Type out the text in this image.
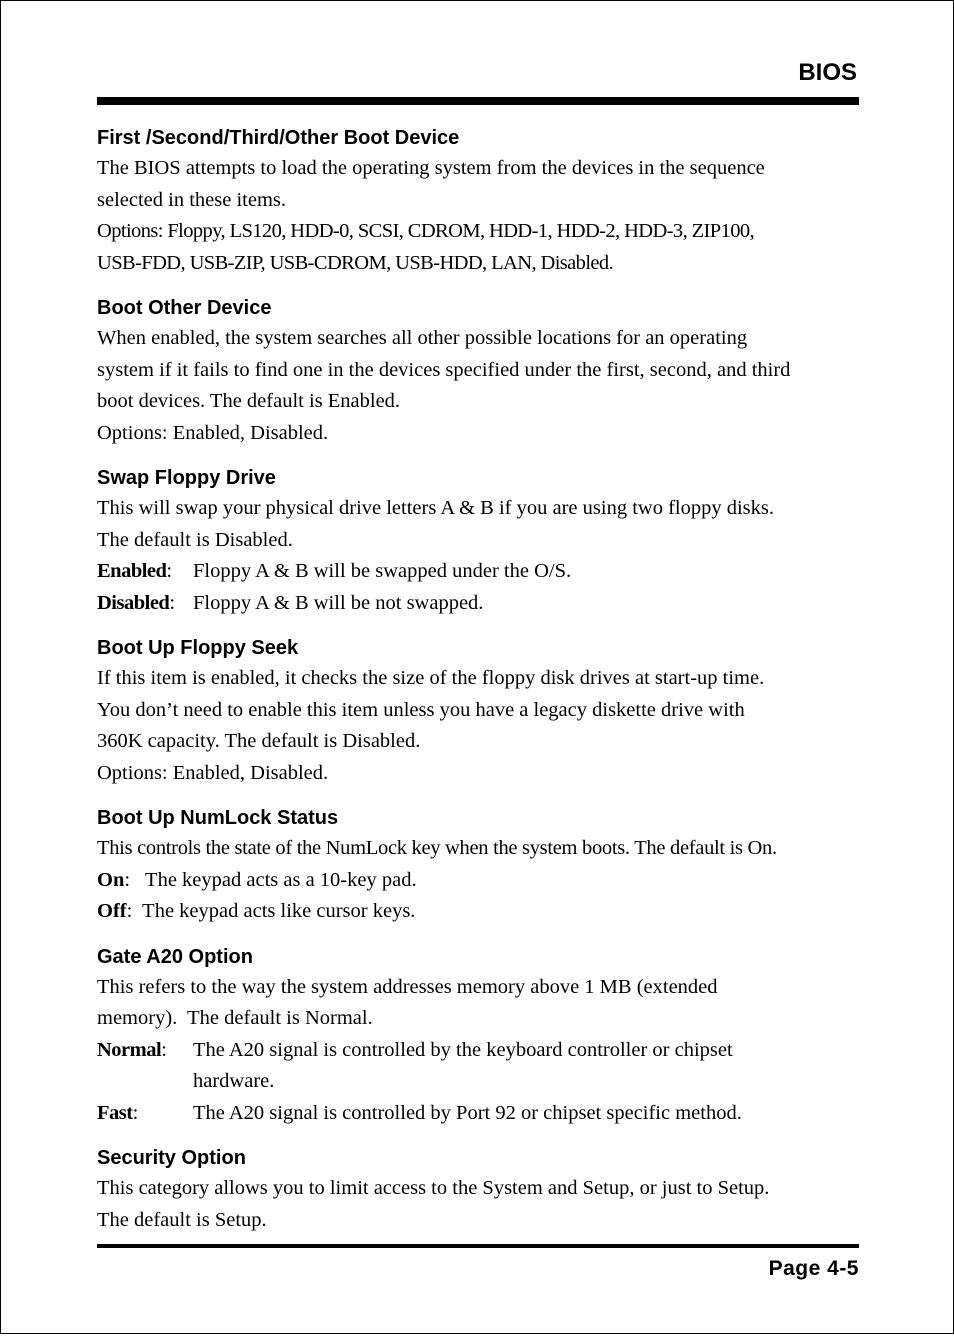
BIOS
First /Second/Third/Other Boot Device
The BIOS attempts to load the operating system from the devices in the sequence
selected in these items.
Options: Floppy, LS120, HDD-0, SCSI, CDROM, HDD-1, HDD-2, HDD-3, ZIP100,
USB-FDD, USB-ZIP, USB-CDROM, USB-HDD, LAN, Disabled.
Boot Other Device
When enabled, the system searches all other possible locations for an operating
system if it fails to find one in the devices specified under the first, second, and third
boot devices. The default is Enabled.
Options: Enabled, Disabled.
Swap Floppy Drive
This will swap your physical drive letters A & B if you are using two floppy disks.
The default is Disabled.
Enabled:	Floppy A & B will be swapped under the O/S.
Disabled: Floppy A & B will be not swapped.
Boot Up Floppy Seek
If this item is enabled, it checks the size of the floppy disk drives at start-up time.
You don’t need to enable this item unless you have a legacy diskette drive with
360K capacity. The default is Disabled.
Options: Enabled, Disabled.
Boot Up NumLock Status
This controls the state of the NumLock key when the system boots. The default is On.
On:   The keypad acts as a 10-key pad.
Off:  The keypad acts like cursor keys.
Gate A20 Option
This refers to the way the system addresses memory above 1 MB (extended
memory).  The default is Normal.
Normal:	The A20 signal is controlled by the keyboard controller or chipset
hardware.
Fast:	The A20 signal is controlled by Port 92 or chipset specific method.
Security Option
This category allows you to limit access to the System and Setup, or just to Setup.
The default is Setup.
Page 4-5
